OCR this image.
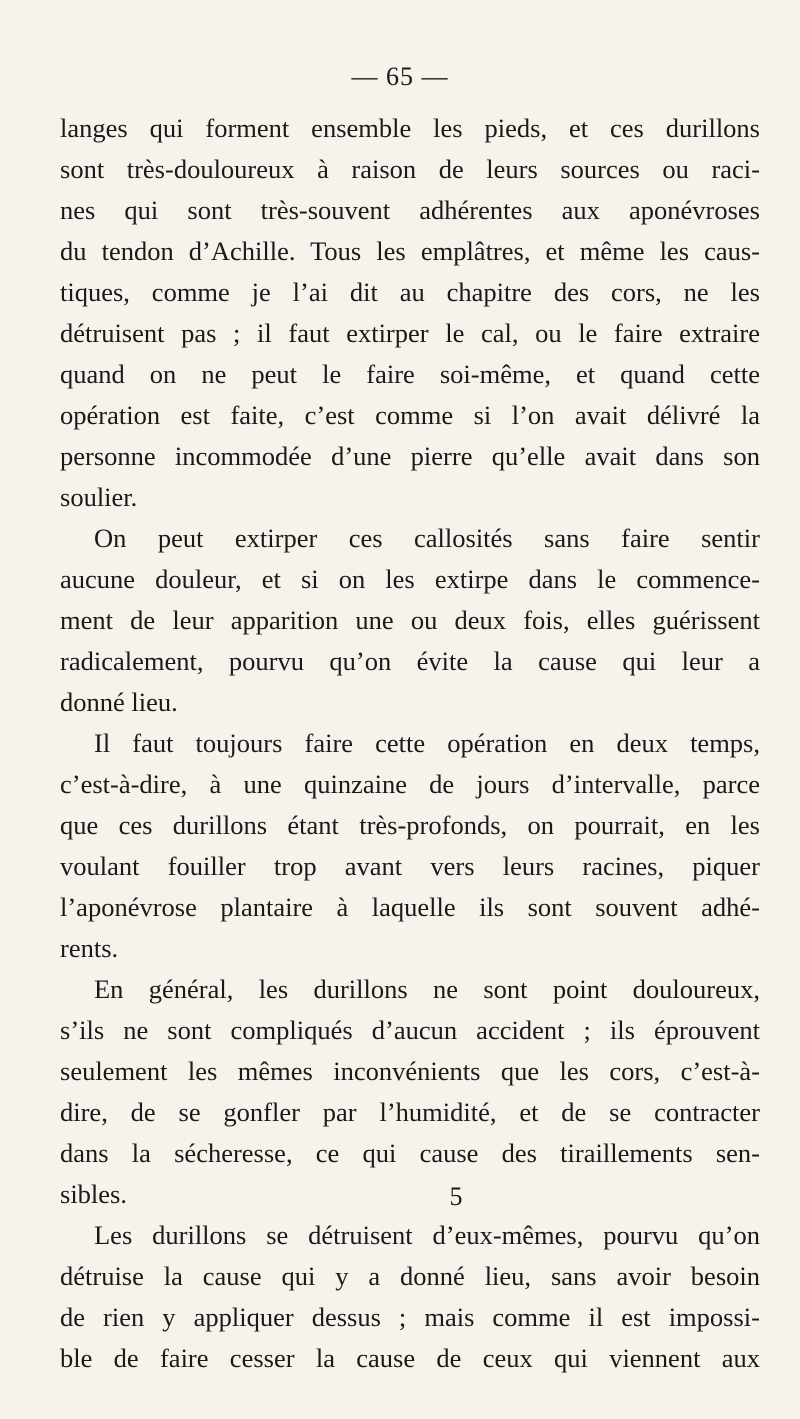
— 65 —
langes qui forment ensemble les pieds, et ces durillons
sont très-douloureux à raison de leurs sources ou raci-
nes qui sont très-souvent adhérentes aux aponévroses
du tendon d’Achille. Tous les emplâtres, et même les caus-
tiques, comme je l’ai dit au chapitre des cors, ne les
détruisent pas ; il faut extirper le cal, ou le faire extraire
quand on ne peut le faire soi-même, et quand cette
opération est faite, c’est comme si l’on avait délivré la
personne incommodée d’une pierre qu’elle avait dans son
soulier.
On peut extirper ces callosités sans faire sentir
aucune douleur, et si on les extirpe dans le commence-
ment de leur apparition une ou deux fois, elles guérissent
radicalement, pourvu qu’on évite la cause qui leur a
donné lieu.
Il faut toujours faire cette opération en deux temps,
c’est-à-dire, à une quinzaine de jours d’intervalle, parce
que ces durillons étant très-profonds, on pourrait, en les
voulant fouiller trop avant vers leurs racines, piquer
l’aponévrose plantaire à laquelle ils sont souvent adhé-
rents.
En général, les durillons ne sont point douloureux,
s’ils ne sont compliqués d’aucun accident ; ils éprouvent
seulement les mêmes inconvénients que les cors, c’est-à-
dire, de se gonfler par l’humidité, et de se contracter
dans la sécheresse, ce qui cause des tiraillements sen-
sibles.
Les durillons se détruisent d’eux-mêmes, pourvu qu’on
détruise la cause qui y a donné lieu, sans avoir besoin
de rien y appliquer dessus ; mais comme il est impossi-
ble de faire cesser la cause de ceux qui viennent aux
5
